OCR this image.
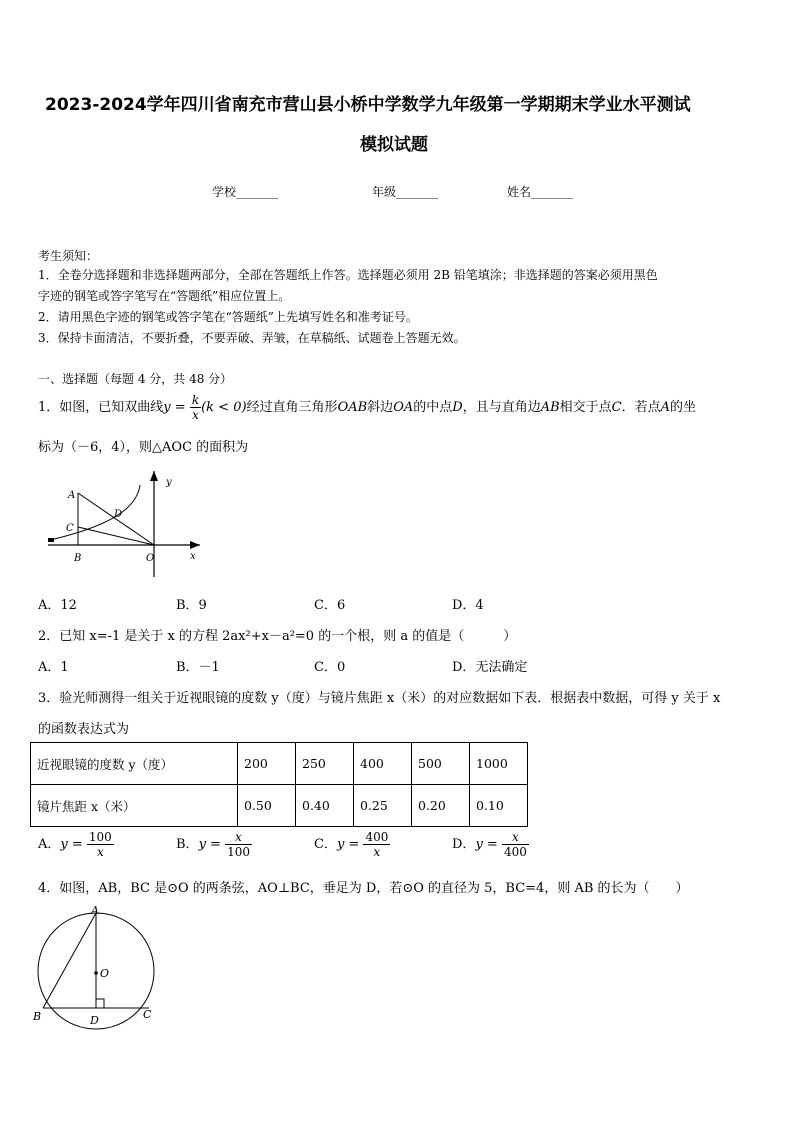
2023-2024学年四川省南充市营山县小桥中学数学九年级第一学期期末学业水平测试
模拟试题
学校_______	年级_______	姓名_______
考生须知：
1．全卷分选择题和非选择题两部分，全部在答题纸上作答。选择题必须用 2B 铅笔填涂；非选择题的答案必须用黑色
字迹的钢笔或答字笔写在“答题纸”相应位置上。
2．请用黑色字迹的钢笔或答字笔在“答题纸”上先填写姓名和准考证号。
3．保持卡面清洁，不要折叠，不要弄破、弄皱，在草稿纸、试题卷上答题无效。
一、选择题（每题 4 分，共 48 分）
1．如图，已知双曲线$y = \frac{k}{x} (k < 0)$经过直角三角形OAB斜边OA的中点D，且与直角边AB相交于点C．若点A的坐
标为（－6，4），则△AOC 的面积为
A
C
D
B	O	x
y
A．12	B．9	C．6	D．4
2．已知 x=-1 是关于 x 的方程 2ax²+x－a²=0 的一个根，则 a 的值是（　　　）
A．1	B．－1	C．0	D．无法确定
3．验光师测得一组关于近视眼镜的度数 y（度）与镜片焦距 x（米）的对应数据如下表．根据表中数据，可得 y 关于 x
的函数表达式为
近视眼镜的度数 y（度）	200	250	400	500	1000
镜片焦距 x（米）	0.50	0.40	0.25	0.20	0.10
A．$y = \frac{100}{x}$	B．$y = \frac{x}{100}$	C．$y = \frac{400}{x}$	D．$y = \frac{x}{400}$
4．如图，AB，BC 是⊙O 的两条弦，AO⊥BC，垂足为 D，若⊙O 的直径为 5，BC=4，则 AB 的长为（　　）
A
O
B	D	C
